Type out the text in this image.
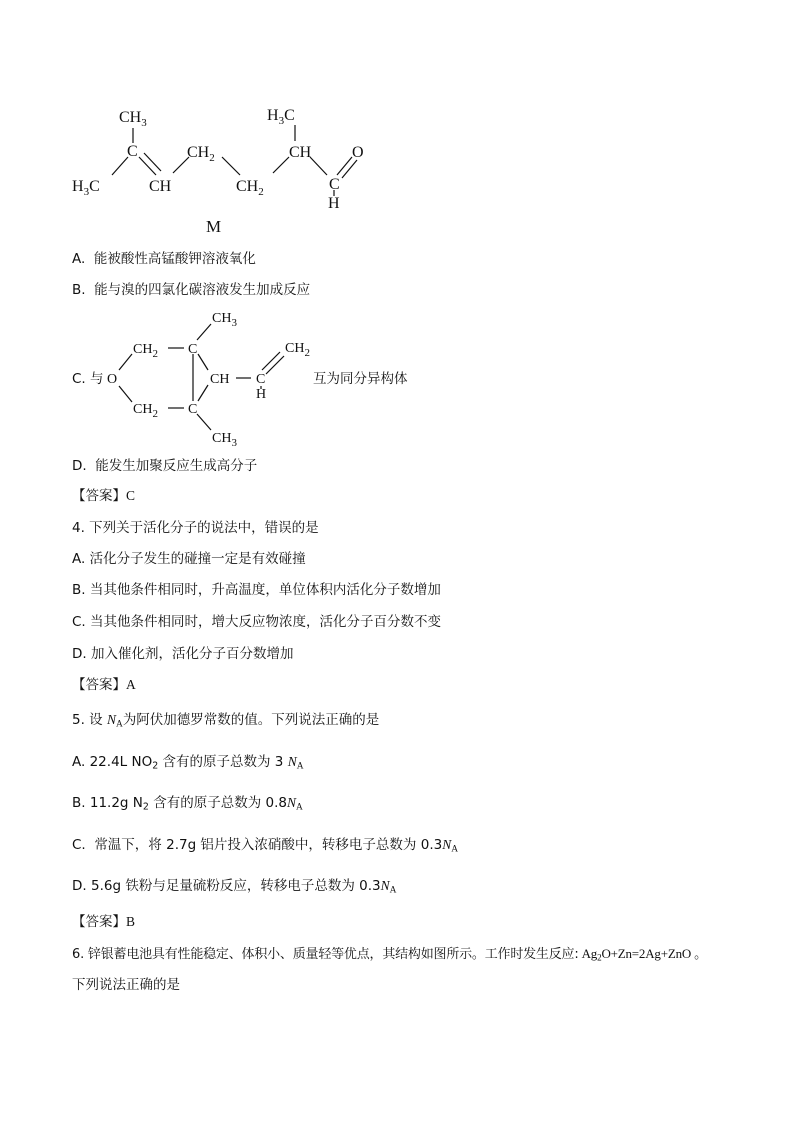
$CH_3$
C
$H_3C$	CH
$CH_2$
$CH_2$
$H_3C$
CH	O
C
H
M
A. 能被酸性高锰酸钾溶液氧化
B. 能与溴的四氯化碳溶液发生加成反应
C. 与
$CH_3$
$CH_2$ C
O	CH
$CH_2$
C
H
$CH_2$ C
$CH_3$
互为同分异构体
D. 能发生加聚反应生成高分子
【答案】C
4. 下列关于活化分子的说法中，错误的是
A. 活化分子发生的碰撞一定是有效碰撞
B. 当其他条件相同时，升高温度，单位体积内活化分子数增加
C. 当其他条件相同时，增大反应物浓度，活化分子百分数不变
D. 加入催化剂，活化分子百分数增加
【答案】A
5. 设 $N_A$为阿伏加德罗常数的值。下列说法正确的是
A. 22.4L $NO_2$ 含有的原子总数为 3 $N_A$
B. 11.2g $N_2$ 含有的原子总数为 $0.8N_A$
C. 常温下，将 2.7g 铝片投入浓硝酸中，转移电子总数为 $0.3N_A$
D. 5.6g 铁粉与足量硫粉反应，转移电子总数为 $0.3N_A$
【答案】B
6. 锌银蓄电池具有性能稳定、体积小、质量轻等优点，其结构如图所示。工作时发生反应: $Ag_2O+Zn=2Ag+ZnO$ 。
下列说法正确的是
